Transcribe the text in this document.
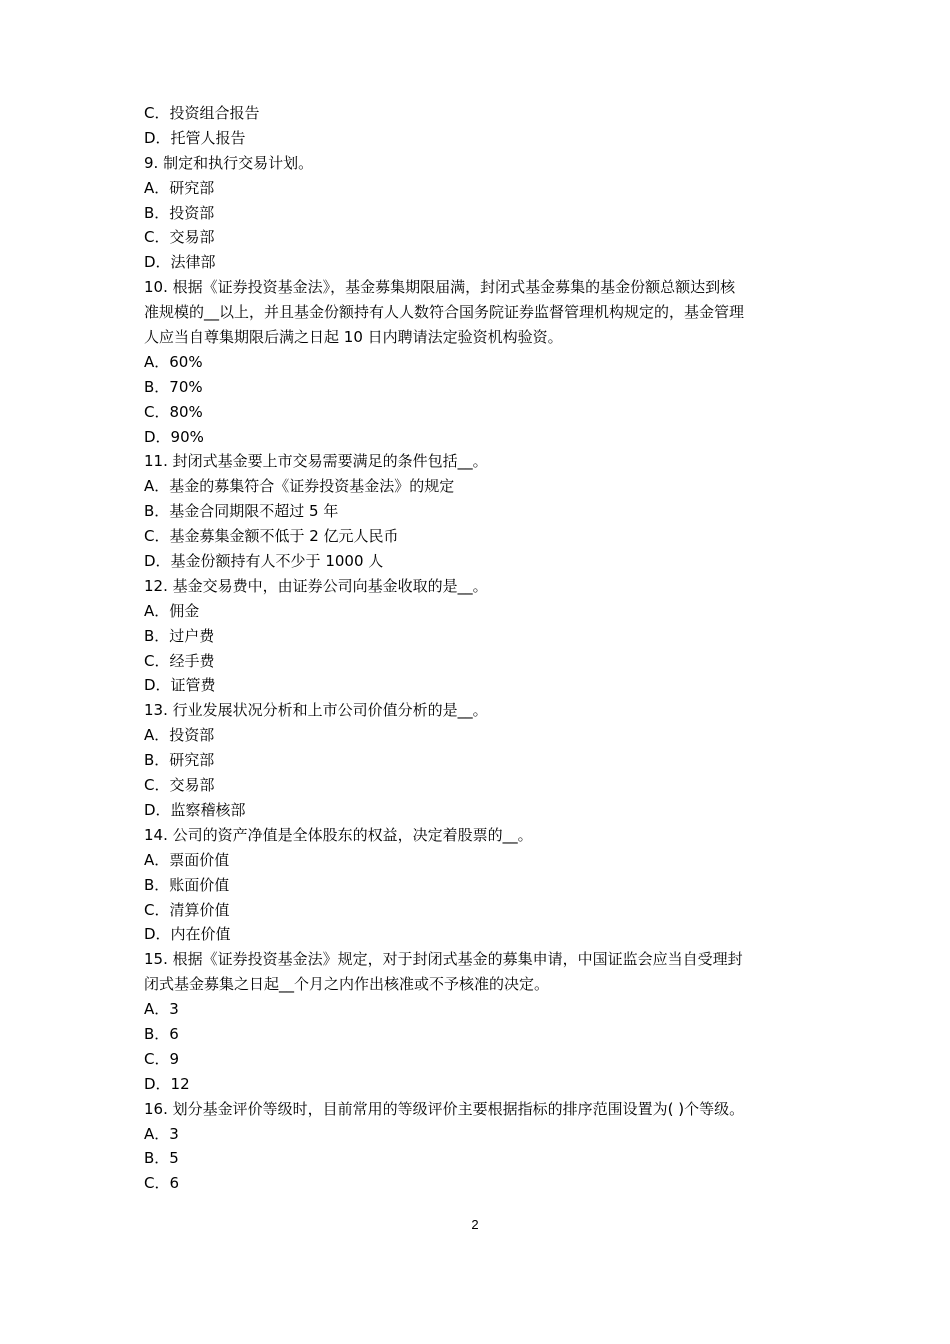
C．投资组合报告
D．托管人报告
9. 制定和执行交易计划。
A．研究部
B．投资部
C．交易部
D．法律部
10. 根据《证券投资基金法》，基金募集期限届满，封闭式基金募集的基金份额总额达到核
准规模的__以上，并且基金份额持有人人数符合国务院证券监督管理机构规定的，基金管理
人应当自尊集期限后满之日起 10 日内聘请法定验资机构验资。
A．60%
B．70%
C．80%
D．90%
11. 封闭式基金要上市交易需要满足的条件包括__。
A．基金的募集符合《证券投资基金法》的规定
B．基金合同期限不超过 5 年
C．基金募集金额不低于 2 亿元人民币
D．基金份额持有人不少于 1000 人
12. 基金交易费中，由证券公司向基金收取的是__。
A．佣金
B．过户费
C．经手费
D．证管费
13. 行业发展状况分析和上市公司价值分析的是__。
A．投资部
B．研究部
C．交易部
D．监察稽核部
14. 公司的资产净值是全体股东的权益，决定着股票的__。
A．票面价值
B．账面价值
C．清算价值
D．内在价值
15. 根据《证券投资基金法》规定，对于封闭式基金的募集申请，中国证监会应当自受理封
闭式基金募集之日起__个月之内作出核准或不予核准的决定。
A．3
B．6
C．9
D．12
16. 划分基金评价等级时，目前常用的等级评价主要根据指标的排序范围设置为( )个等级。
A．3
B．5
C．6
2
